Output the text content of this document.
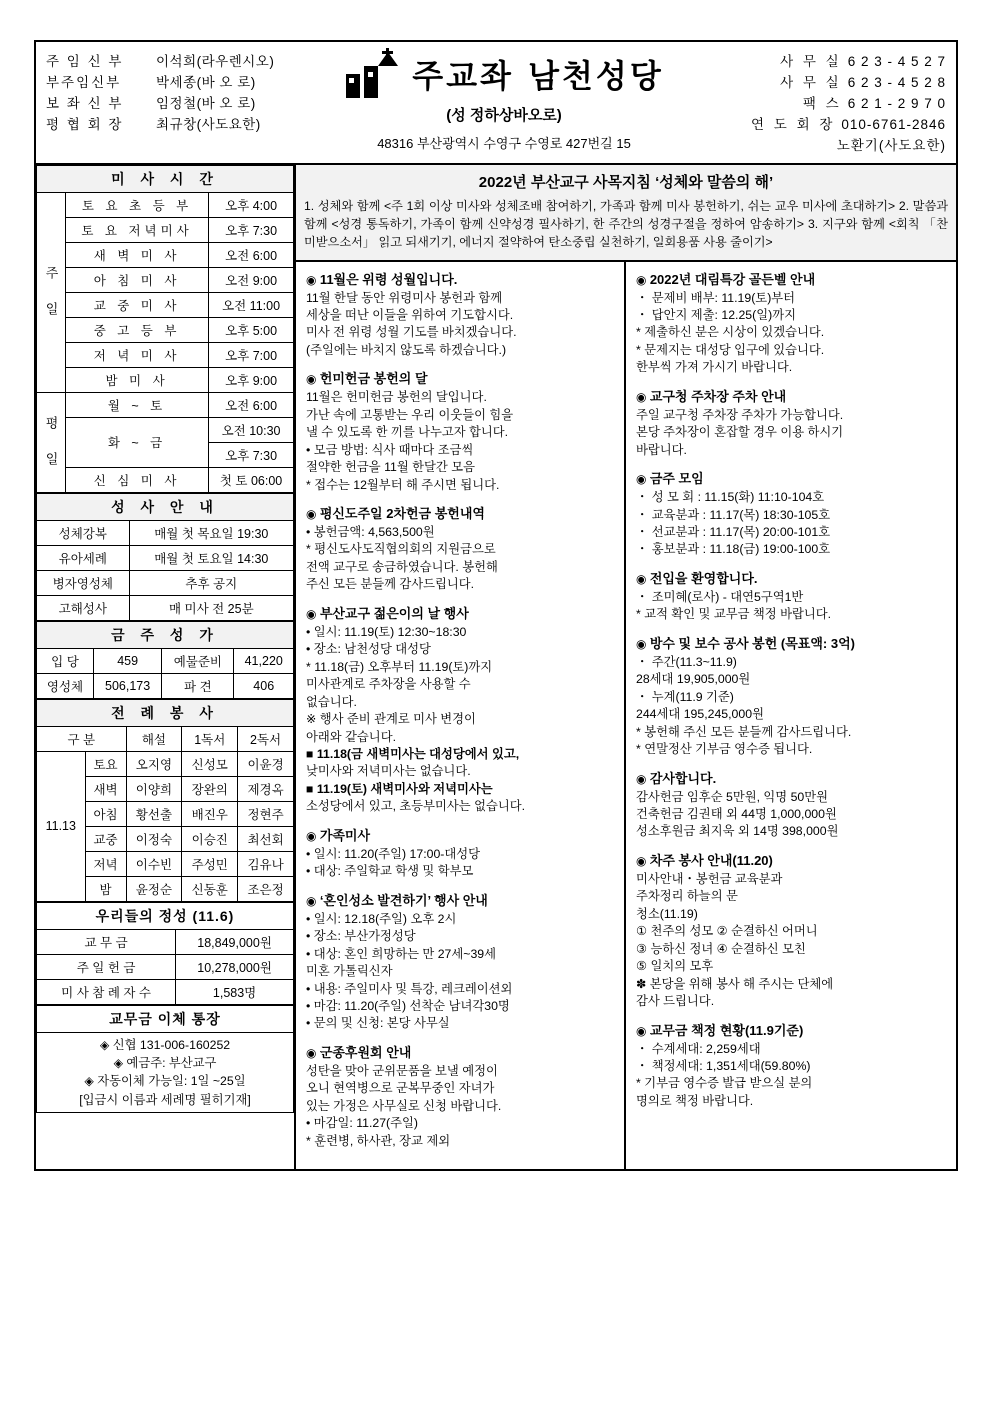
주 임 신 부	이석희(라우렌시오)
부주임신부	박세종(바 오 로)
보 좌 신 부	임정철(바 오 로)
평 협 회 장	최규창(사도요한)
주교좌 남천성당
(성 정하상바오로)
48316 부산광역시 수영구 수영로 427번길 15
사 무 실 6 2 3 - 4 5 2 7
사 무 실 6 2 3 - 4 5 2 8
팩 스 6 2 1 - 2 9 7 0
연 도 회 장 010-6761-2846
노환기(사도요한)
미 사 시 간		
주 일	토 요 초 등 부	오후 4:00
	토 요 저녁미사	오후 7:30
	새 벽 미 사	오전 6:00
	아 침 미 사	오전 9:00
	교 중 미 사	오전 11:00
	중 고 등 부	오후 5:00
	저 녁 미 사	오후 7:00
	밤 미 사	오후 9:00
평 일	월 ~ 토	오전 6:00
	화 ~ 금	오전 10:30
		오후 7:30
	신 심 미 사	첫 토 06:00
성 사 안 내	
성체강복	매월 첫 목요일 19:30
유아세례	매월 첫 토요일 14:30
병자영성체	추후 공지
고해성사	매 미사 전 25분
금 주 성 가			
입 당	459	예물준비	41,220
영성체	506,173	파 견	406
전 례 봉 사				
구 분		해설	1독서	2독서
11.13	토요	오지영	신성모	이윤경
	새벽	이양희	장완의	제경옥
	아침	황선출	배진우	정현주
	교중	이정숙	이승진	최선회
	저녁	이수빈	주성민	김유나
	밤	윤정순	신동훈	조은정
우리들의 정성 (11.6)	
교 무 금	18,849,000원
주 일 헌 금	10,278,000원
미 사 참 례 자 수	1,583명
교무금 이체 통장

◈ 신협 131-006-160252
◈ 예금주: 부산교구
◈ 자동이체 가능일: 1일 ~25일
[입금시 이름과 세례명 필히기재]
2022년 부산교구 사목지침 ‘성체와 말씀의 해’
1. 성체와 함께 <주 1회 이상 미사와 성체조배 참여하기, 가족과 함께 미사 봉헌하기, 쉬는 교우 미사에 초대하기> 2. 말씀과 함께 <성경 통독하기, 가족이 함께 신약성경 필사하기, 한 주간의 성경구절을 정하여 암송하기> 3. 지구와 함께 <회칙 「찬미받으소서」 읽고 되새기기, 에너지 절약하여 탄소중립 실천하기, 일회용품 사용 줄이기>
◉ 11월은 위령 성월입니다.

11월 한달 동안 위령미사 봉헌과 함께

세상을 떠난 이들을 위하여 기도합시다.

미사 전 위령 성월 기도를 바치겠습니다.

(주일에는 바치지 않도록 하겠습니다.)

◉ 헌미헌금 봉헌의 달

11월은 헌미헌금 봉헌의 달입니다.

가난 속에 고통받는 우리 이웃들이 힘을

낼 수 있도록 한 끼를 나누고자 합니다.

• 모금 방법: 식사 때마다 조금씩

절약한 헌금을 11월 한달간 모음

* 접수는 12월부터 해 주시면 됩니다.

◉ 평신도주일 2차헌금 봉헌내역

• 봉헌금액: 4,563,500원

* 평신도사도직협의회의 지원금으로

전액 교구로 송금하였습니다. 봉헌해

주신 모든 분들께 감사드립니다.

◉ 부산교구 젊은이의 날 행사

• 일시: 11.19(토) 12:30~18:30

• 장소: 남천성당 대성당

* 11.18(금) 오후부터 11.19(토)까지

미사관계로 주차장을 사용할 수

없습니다.

※ 행사 준비 관계로 미사 변경이

아래와 같습니다.

■ 11.18(금 새벽미사는 대성당에서 있고,

낮미사와 저녁미사는 없습니다.

■ 11.19(토) 새벽미사와 저녁미사는

소성당에서 있고, 초등부미사는 없습니다.

◉ 가족미사

• 일시: 11.20(주일) 17:00-대성당

• 대상: 주일학교 학생 및 학부모

◉ ‘혼인성소 발견하기’ 행사 안내

• 일시: 12.18(주일) 오후 2시

• 장소: 부산가정성당

• 대상: 혼인 희망하는 만 27세~39세

미혼 가톨릭신자

• 내용: 주일미사 및 특강, 레크레이션외

• 마감: 11.20(주일) 선착순 남녀각30명

• 문의 및 신청: 본당 사무실

◉ 군종후원회 안내

성탄을 맞아 군위문품을 보낼 예정이

오니 현역병으로 군복무중인 자녀가

있는 가정은 사무실로 신청 바랍니다.

• 마감일: 11.27(주일)

* 훈련병, 하사관, 장교 제외

◉ 2022년 대림특강 골든벨 안내

・ 문제비 배부: 11.19(토)부터

・ 답안지 제출: 12.25(일)까지

* 제출하신 분은 시상이 있겠습니다.

* 문제지는 대성당 입구에 있습니다.

한부씩 가져 가시기 바랍니다.

◉ 교구청 주차장 주차 안내

주일 교구청 주차장 주차가 가능합니다.

본당 주차장이 혼잡할 경우 이용 하시기

바랍니다.

◉ 금주 모임

・ 성 모 회 : 11.15(화) 11:10-104호

・ 교육분과 : 11.17(목) 18:30-105호

・ 선교분과 : 11.17(목) 20:00-101호

・ 홍보분과 : 11.18(금) 19:00-100호

◉ 전입을 환영합니다.

・ 조미혜(로사) - 대연5구역1반

* 교적 확인 및 교무금 책정 바랍니다.

◉ 방수 및 보수 공사 봉헌 (목표액: 3억)

・ 주간(11.3~11.9)

28세대 19,905,000원

・ 누계(11.9 기준)

244세대 195,245,000원

* 봉헌해 주신 모든 분들께 감사드립니다.

* 연말정산 기부금 영수증 됩니다.

◉ 감사합니다.

감사헌금 임후순 5만원, 익명 50만원

건축헌금 김권태 외 44명 1,000,000원

성소후원금 최지욱 외 14명 398,000원

◉ 차주 봉사 안내(11.20)

미사안내・봉헌금 교육분과

주차정리 하늘의 문

청소(11.19)

① 천주의 성모 ② 순결하신 어머니

③ 능하신 정녀 ④ 순결하신 모친

⑤ 일치의 모후

✽ 본당을 위해 봉사 해 주시는 단체에

감사 드립니다.

◉ 교무금 책정 현황(11.9기준)

・ 수계세대: 2,259세대

・ 책정세대: 1,351세대(59.80%)

* 기부금 영수증 발급 받으실 분의

명의로 책정 바랍니다.
